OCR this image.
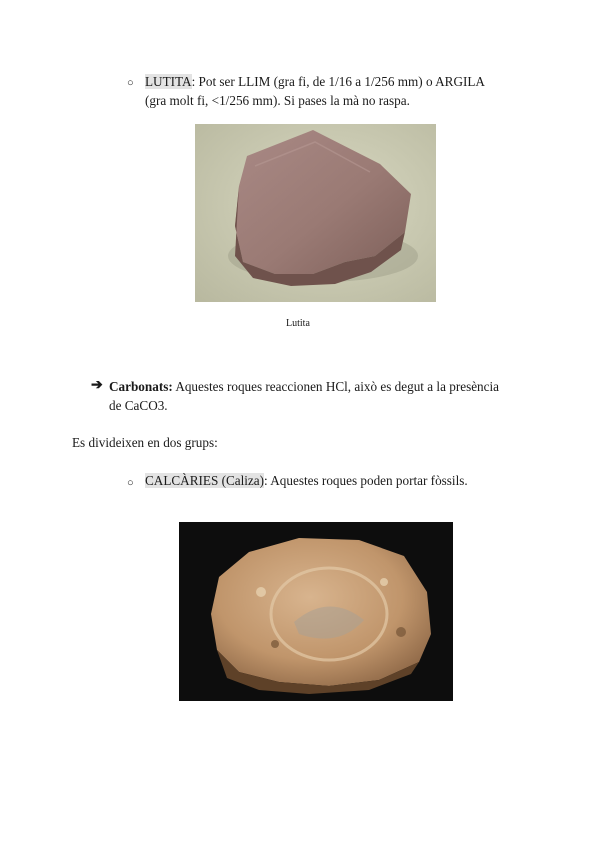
○ LUTITA: Pot ser LLIM (gra fi, de 1/16 a 1/256 mm) o ARGILA
(gra molt fi, <1/256 mm). Si pases la mà no raspa.
Lutita
➔ Carbonats: Aquestes roques reaccionen HCl, això es degut a la presència
de CaCO3.
Es divideixen en dos grups:
○ CALCÀRIES (Caliza): Aquestes roques poden portar fòssils.
